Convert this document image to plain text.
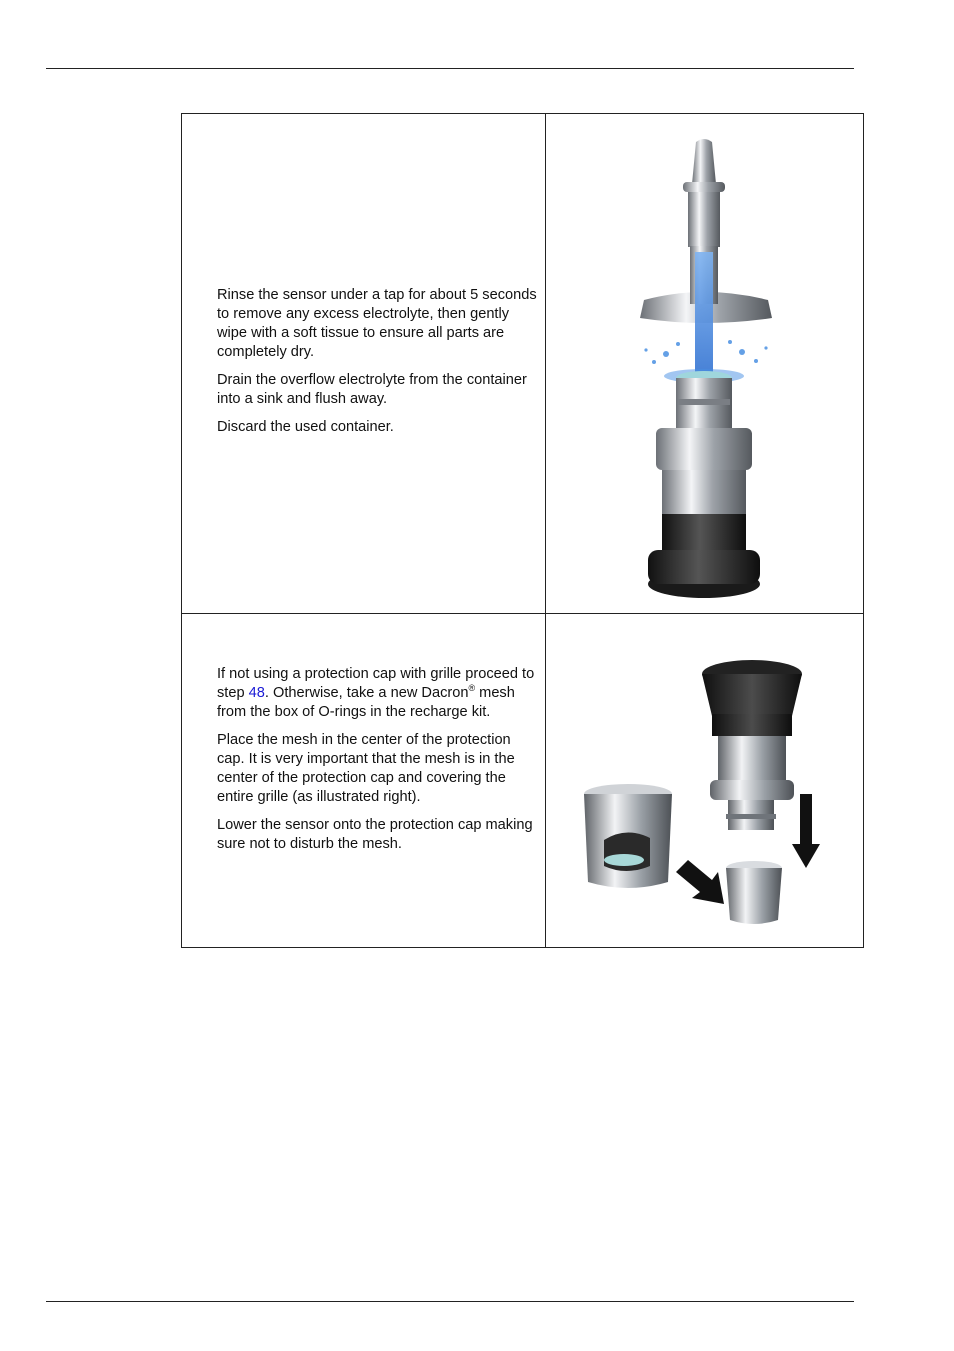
Rinse the sensor under a tap for about 5 seconds to remove any excess electrolyte, then gently wipe with a soft tissue to ensure all parts are completely dry.

Drain the overflow electrolyte from the container into a sink and flush away.

Discard the used container.

If not using a protection cap with grille proceed to step 48. Otherwise, take a new Dacron® mesh from the box of O-rings in the recharge kit.

Place the mesh in the center of the protection cap. It is very important that the mesh is in the center of the protection cap and covering the entire grille (as illustrated right).

Lower the sensor onto the protection cap making sure not to disturb the mesh.
